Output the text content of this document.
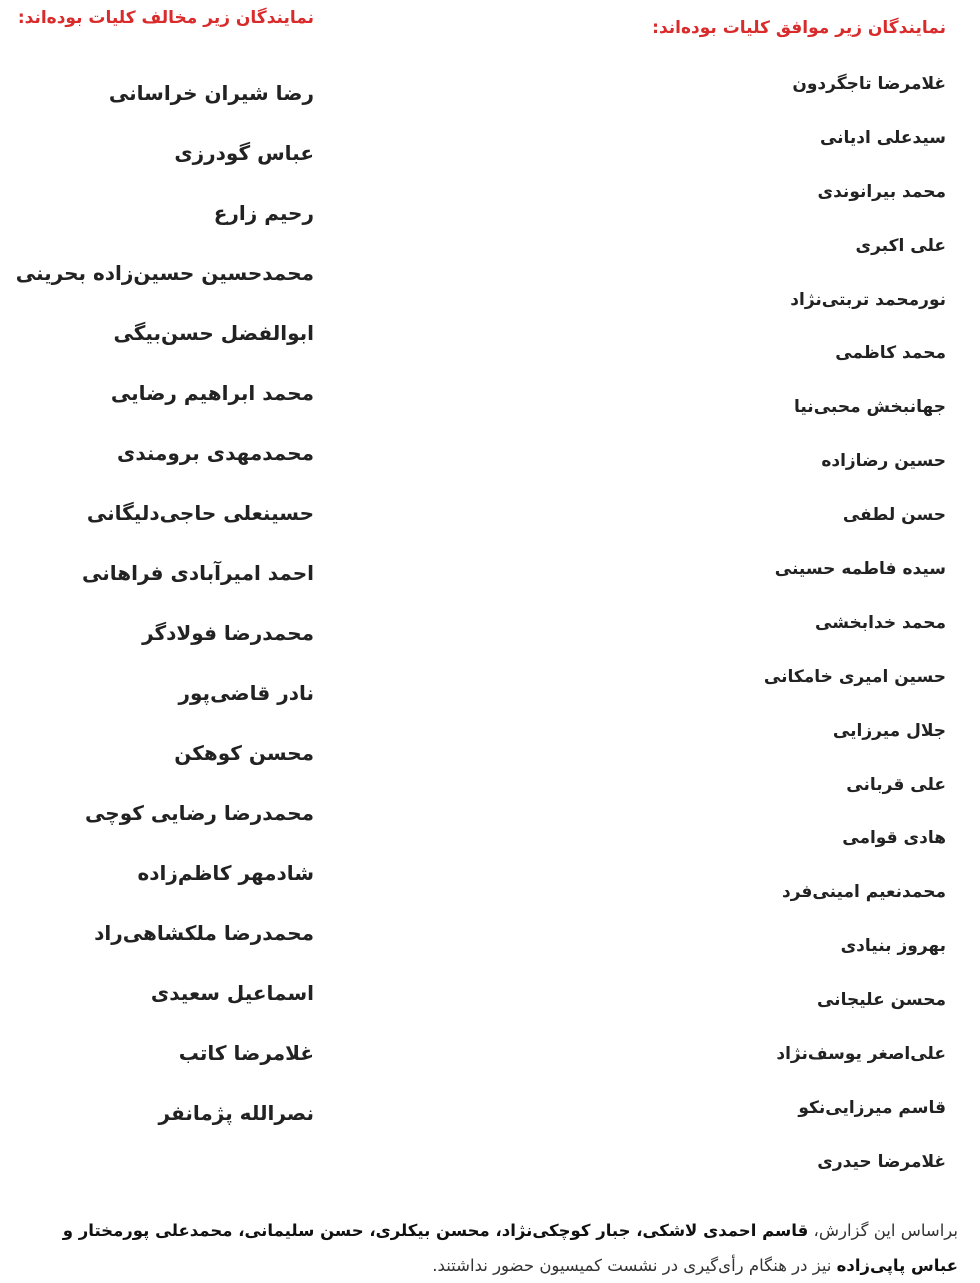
نمایندگان زیر موافق کلیات بوده‌اند:
غلامرضا تاجگردون
سیدعلی ادیانی
محمد بیرانوندی
علی اکبری
نورمحمد تربتی‌نژاد
محمد کاظمی
جهانبخش محبی‌نیا
حسین رضازاده
حسن لطفی
سیده فاطمه حسینی
محمد خدابخشی
حسین امیری خامکانی
جلال میرزایی
علی قربانی
هادی قوامی
محمدنعیم امینی‌فرد
بهروز بنیادی
محسن علیجانی
علی‌اصغر یوسف‌نژاد
قاسم میرزایی‌نکو
غلامرضا حیدری
نمایندگان زیر مخالف کلیات بوده‌اند:
رضا شیران خراسانی
عباس گودرزی
رحیم زارع
محمدحسین حسین‌زاده بحرینی
ابوالفضل حسن‌بیگی
محمد ابراهیم رضایی
محمدمهدی برومندی
حسینعلی حاجی‌دلیگانی
احمد امیرآبادی فراهانی
محمدرضا فولادگر
نادر قاضی‌پور
محسن کوهکن
محمدرضا رضایی کوچی
شادمهر کاظم‌زاده
محمدرضا ملکشاهی‌راد
اسماعیل سعیدی
غلامرضا کاتب
نصرالله پژمانفر

براساس این گزارش، قاسم احمدی لاشکی، جبار کوچکی‌نژاد، محسن بیکلری، حسن سلیمانی، محمدعلی پورمختار و عباس پاپی‌زاده نیز در هنگام رأی‌گیری در نشست کمیسیون حضور نداشتند.
